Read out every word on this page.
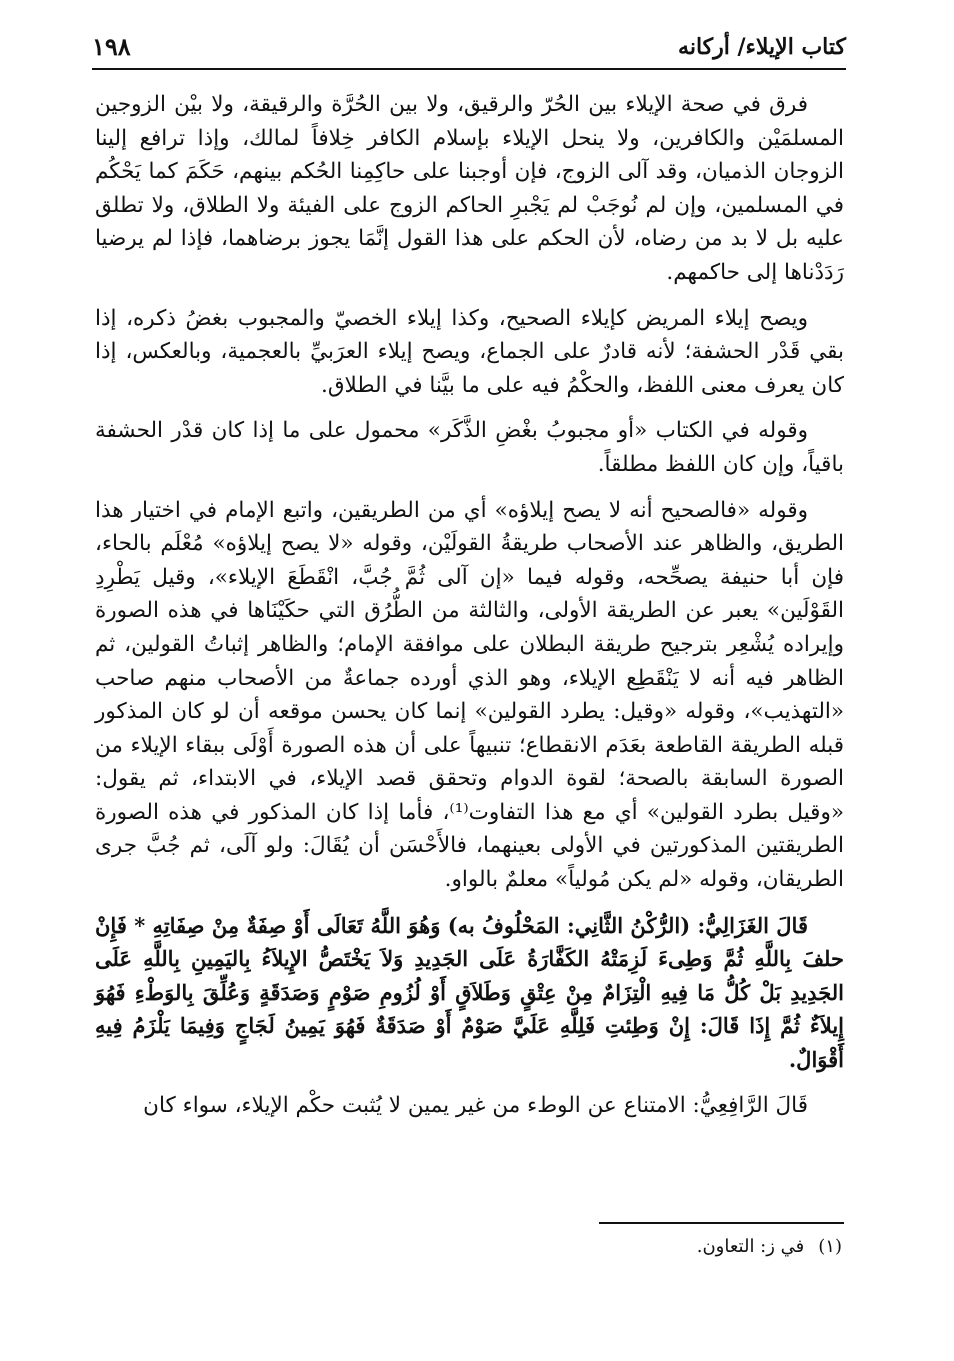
كتاب الإيلاء/ أركانه
١٩٨

فرق في صحة الإيلاء بين الحُرّ والرقيق، ولا بين الحُرَّة والرقيقة، ولا بيْن الزوجين المسلمَيْن والكافرين، ولا ينحل الإيلاء بإسلام الكافر خِلافاً لمالك، وإذا ترافع إلينا الزوجان الذميان، وقد آلى الزوج، فإن أوجبنا على حاكِمِنا الحُكم بينهم، حَكَمَ كما يَحْكُم في المسلمين، وإن لم نُوجَبْ لم يَجْبرِ الحاكم الزوج على الفيئة ولا الطلاق، ولا تطلق عليه بل لا بد من رضاه، لأن الحكم على هذا القول إنَّمَا يجوز برضاهما، فإذا لم يرضيا رَدَدْناها إلى حاكمهم.

ويصح إيلاء المريض كإيلاء الصحيح، وكذا إيلاء الخصيّ والمجبوب بغضُ ذكره، إذا بقي قَدْر الحشفة؛ لأنه قادرٌ على الجماع، ويصح إيلاء العرَبيِّ بالعجمية، وبالعكس، إذا كان يعرف معنى اللفظ، والحكْمُ فيه على ما بيَّنا في الطلاق.

وقوله في الكتاب «أو مجبوبُ بغْضِ الذَّكَر» محمول على ما إذا كان قدْر الحشفة باقياً، وإن كان اللفظ مطلقاً.

وقوله «فالصحيح أنه لا يصح إيلاؤه» أي من الطريقين، واتبع الإمام في اختيار هذا الطريق، والظاهر عند الأصحاب طريقةُ القولَيْن، وقوله «لا يصح إيلاؤه» مُعْلَم بالحاء، فإن أبا حنيفة يصحِّحه، وقوله فيما «إن آلى ثُمَّ جُبَّ، انْقَطَعَ الإيلاء»، وقيل يَطْرِدِ القَوْلَين» يعبر عن الطريقة الأولى، والثالثة من الطُّرُق التي حكَيْنَاها في هذه الصورة وإيراده يُشْعِر بترجيح طريقة البطلان على موافقة الإمام؛ والظاهر إثباتُ القولين، ثم الظاهر فيه أنه لا يَنْقَطِع الإيلاء، وهو الذي أورده جماعةٌ من الأصحاب منهم صاحب «التهذيب»، وقوله «وقيل: يطرد القولين» إنما كان يحسن موقعه أن لو كان المذكور قبله الطريقة القاطعة بعَدَم الانقطاع؛ تنبيهاً على أن هذه الصورة أَوْلَى ببقاء الإيلاء من الصورة السابقة بالصحة؛ لقوة الدوام وتحقق قصد الإيلاء، في الابتداء، ثم يقول: «وقيل بطرد القولين» أي مع هذا التفاوت⁽¹⁾، فأما إذا كان المذكور في هذه الصورة الطريقتين المذكورتين في الأولى بعينهما، فالأَحْسَن أن يُقَالَ: ولو آلَى، ثم جُبَّ جرى الطريقان، وقوله «لم يكن مُولياً» معلمٌ بالواو.

قَالَ الغَزَالِيُّ: (الرُّكْنُ الثَّانِي: المَحْلُوفُ به) وَهُوَ اللَّهُ تَعَالَى أَوْ صِفَةٌ مِنْ صِفَاتِهِ * فَإِنْ حلفَ بِاللَّهِ ثُمَّ وَطِىءَ لَزِمَتْهُ الكَفَّارَةُ عَلَى الجَدِيدِ وَلاَ يَخْتَصُّ الإِيلاَءُ بِاليَمِينِ بِاللَّهِ عَلَى الجَدِيدِ بَلْ كُلُّ مَا فِيهِ الْتِزَامٌ مِنْ عِتْقٍ وَطَلاَقٍ أَوْ لُزُومِ صَوْمٍ وَصَدَقَةٍ وَعُلِّقَ بِالوَطْءِ فَهُوَ إِيلاَءٌ ثُمَّ إِذَا قَالَ: إِنْ وَطِئتِ فَلِلَّهِ عَلَيَّ صَوْمٌ أَوْ صَدَقَةٌ فَهُوَ يَمِينُ لَجَاجٍ وَفِيمَا يَلْزَمُ فِيهِ أَقْوَالٌ.

قَالَ الرَّافِعِيُّ: الامتناع عن الوطء من غير يمين لا يُثبت حكْم الإيلاء، سواء كان

(١)في ز: التعاون.
